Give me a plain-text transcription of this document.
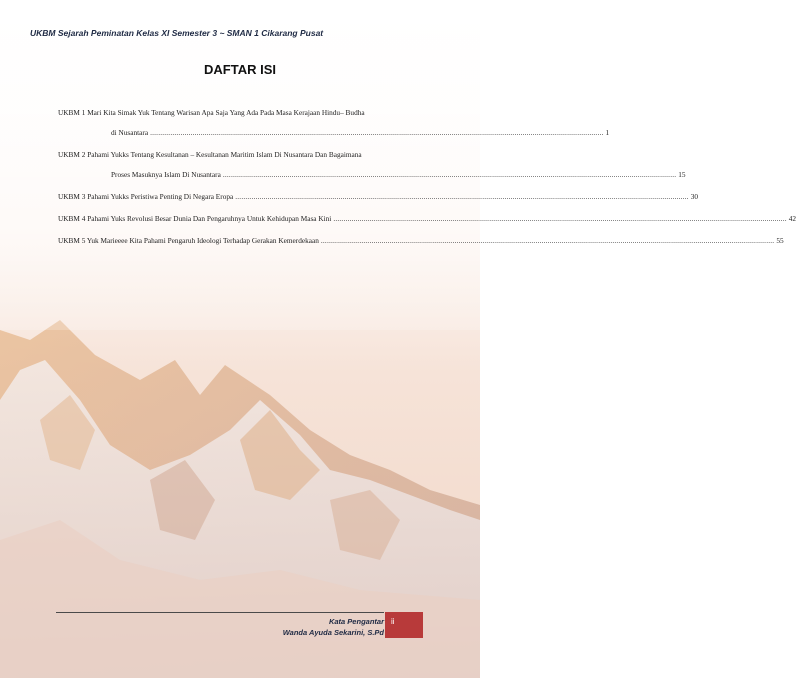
UKBM Sejarah Peminatan Kelas XI Semester 3 ~ SMAN 1 Cikarang Pusat
DAFTAR ISI
UKBM 1 Mari Kita Simak Yuk Tentang Warisan Apa Saja Yang Ada Pada Masa Kerajaan Hindu– Budha
di Nusantara ................................................................................................................................................................................................................................ 1
UKBM 2 Pahami Yukks Tentang Kesultanan – Kesultanan Maritim Islam Di Nusantara Dan Bagaimana
Proses Masuknya Islam Di Nusantara ................................................................................................................................................................................................................................ 15
UKBM 3 Pahami Yukks Peristiwa Penting Di Negara Eropa ................................................................................................................................................................................................................................ 30
UKBM 4 Pahami Yuks Revolusi Besar Dunia Dan Pengaruhnya Untuk Kehidupan Masa Kini ................................................................................................................................................................................................................................ 42
UKBM 5 Yuk Marieeee Kita Pahami Pengaruh Ideologi Terhadap Gerakan Kemerdekaan ................................................................................................................................................................................................................................ 55
Kata Pengantar
Wanda Ayuda Sekarini, S.Pd
ii
